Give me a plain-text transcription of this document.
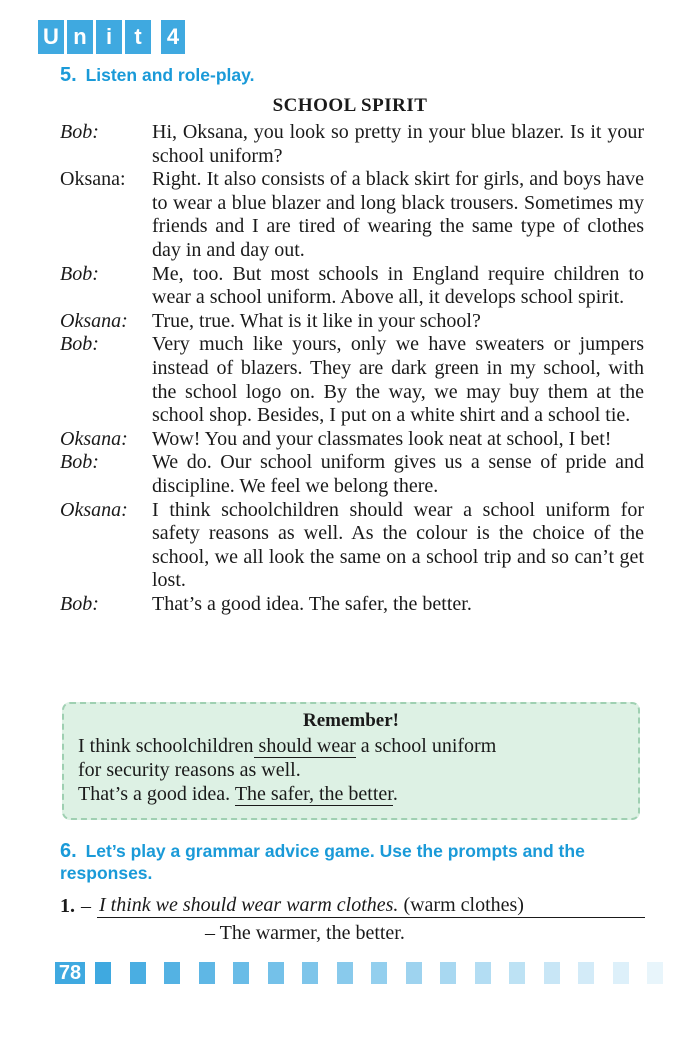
U n i	t	4
5. Listen and role-play.
SCHOOL SPIRIT
Bob:	Hi, Oksana, you look so pretty in your blue blazer. Is it your school uniform?
Oksana:	Right. It also consists of a black skirt for girls, and boys have to wear a blue blazer and long black trousers. Sometimes my friends and I are tired of wearing the same type of clothes day in and day out.
Bob:	Me, too. But most schools in England require children to wear a school uniform. Above all, it develops school spirit.
Oksana:	True, true. What is it like in your school?
Bob:	Very much like yours, only we have sweaters or jumpers instead of blazers. They are dark green in my school, with the school logo on. By the way, we may buy them at the school shop. Besides, I put on a white shirt and a school tie.
Oksana:	Wow! You and your classmates look neat at school, I bet!
Bob:	We do. Our school uniform gives us a sense of pride and discipline. We feel we belong there.
Oksana:	I think schoolchildren should wear a school uniform for safety reasons as well. As the colour is the choice of the school, we all look the same on a school trip and so can’t get lost.
Bob:	That’s a good idea. The safer, the better.
Remember!
I think schoolchildren should wear a school uniform
for security reasons as well.
That’s a good idea. The safer, the better.
6. Let’s play a grammar advice game. Use the prompts and the responses.
1. – I think we should wear warm clothes. (warm clothes)
– The warmer, the better.
78
